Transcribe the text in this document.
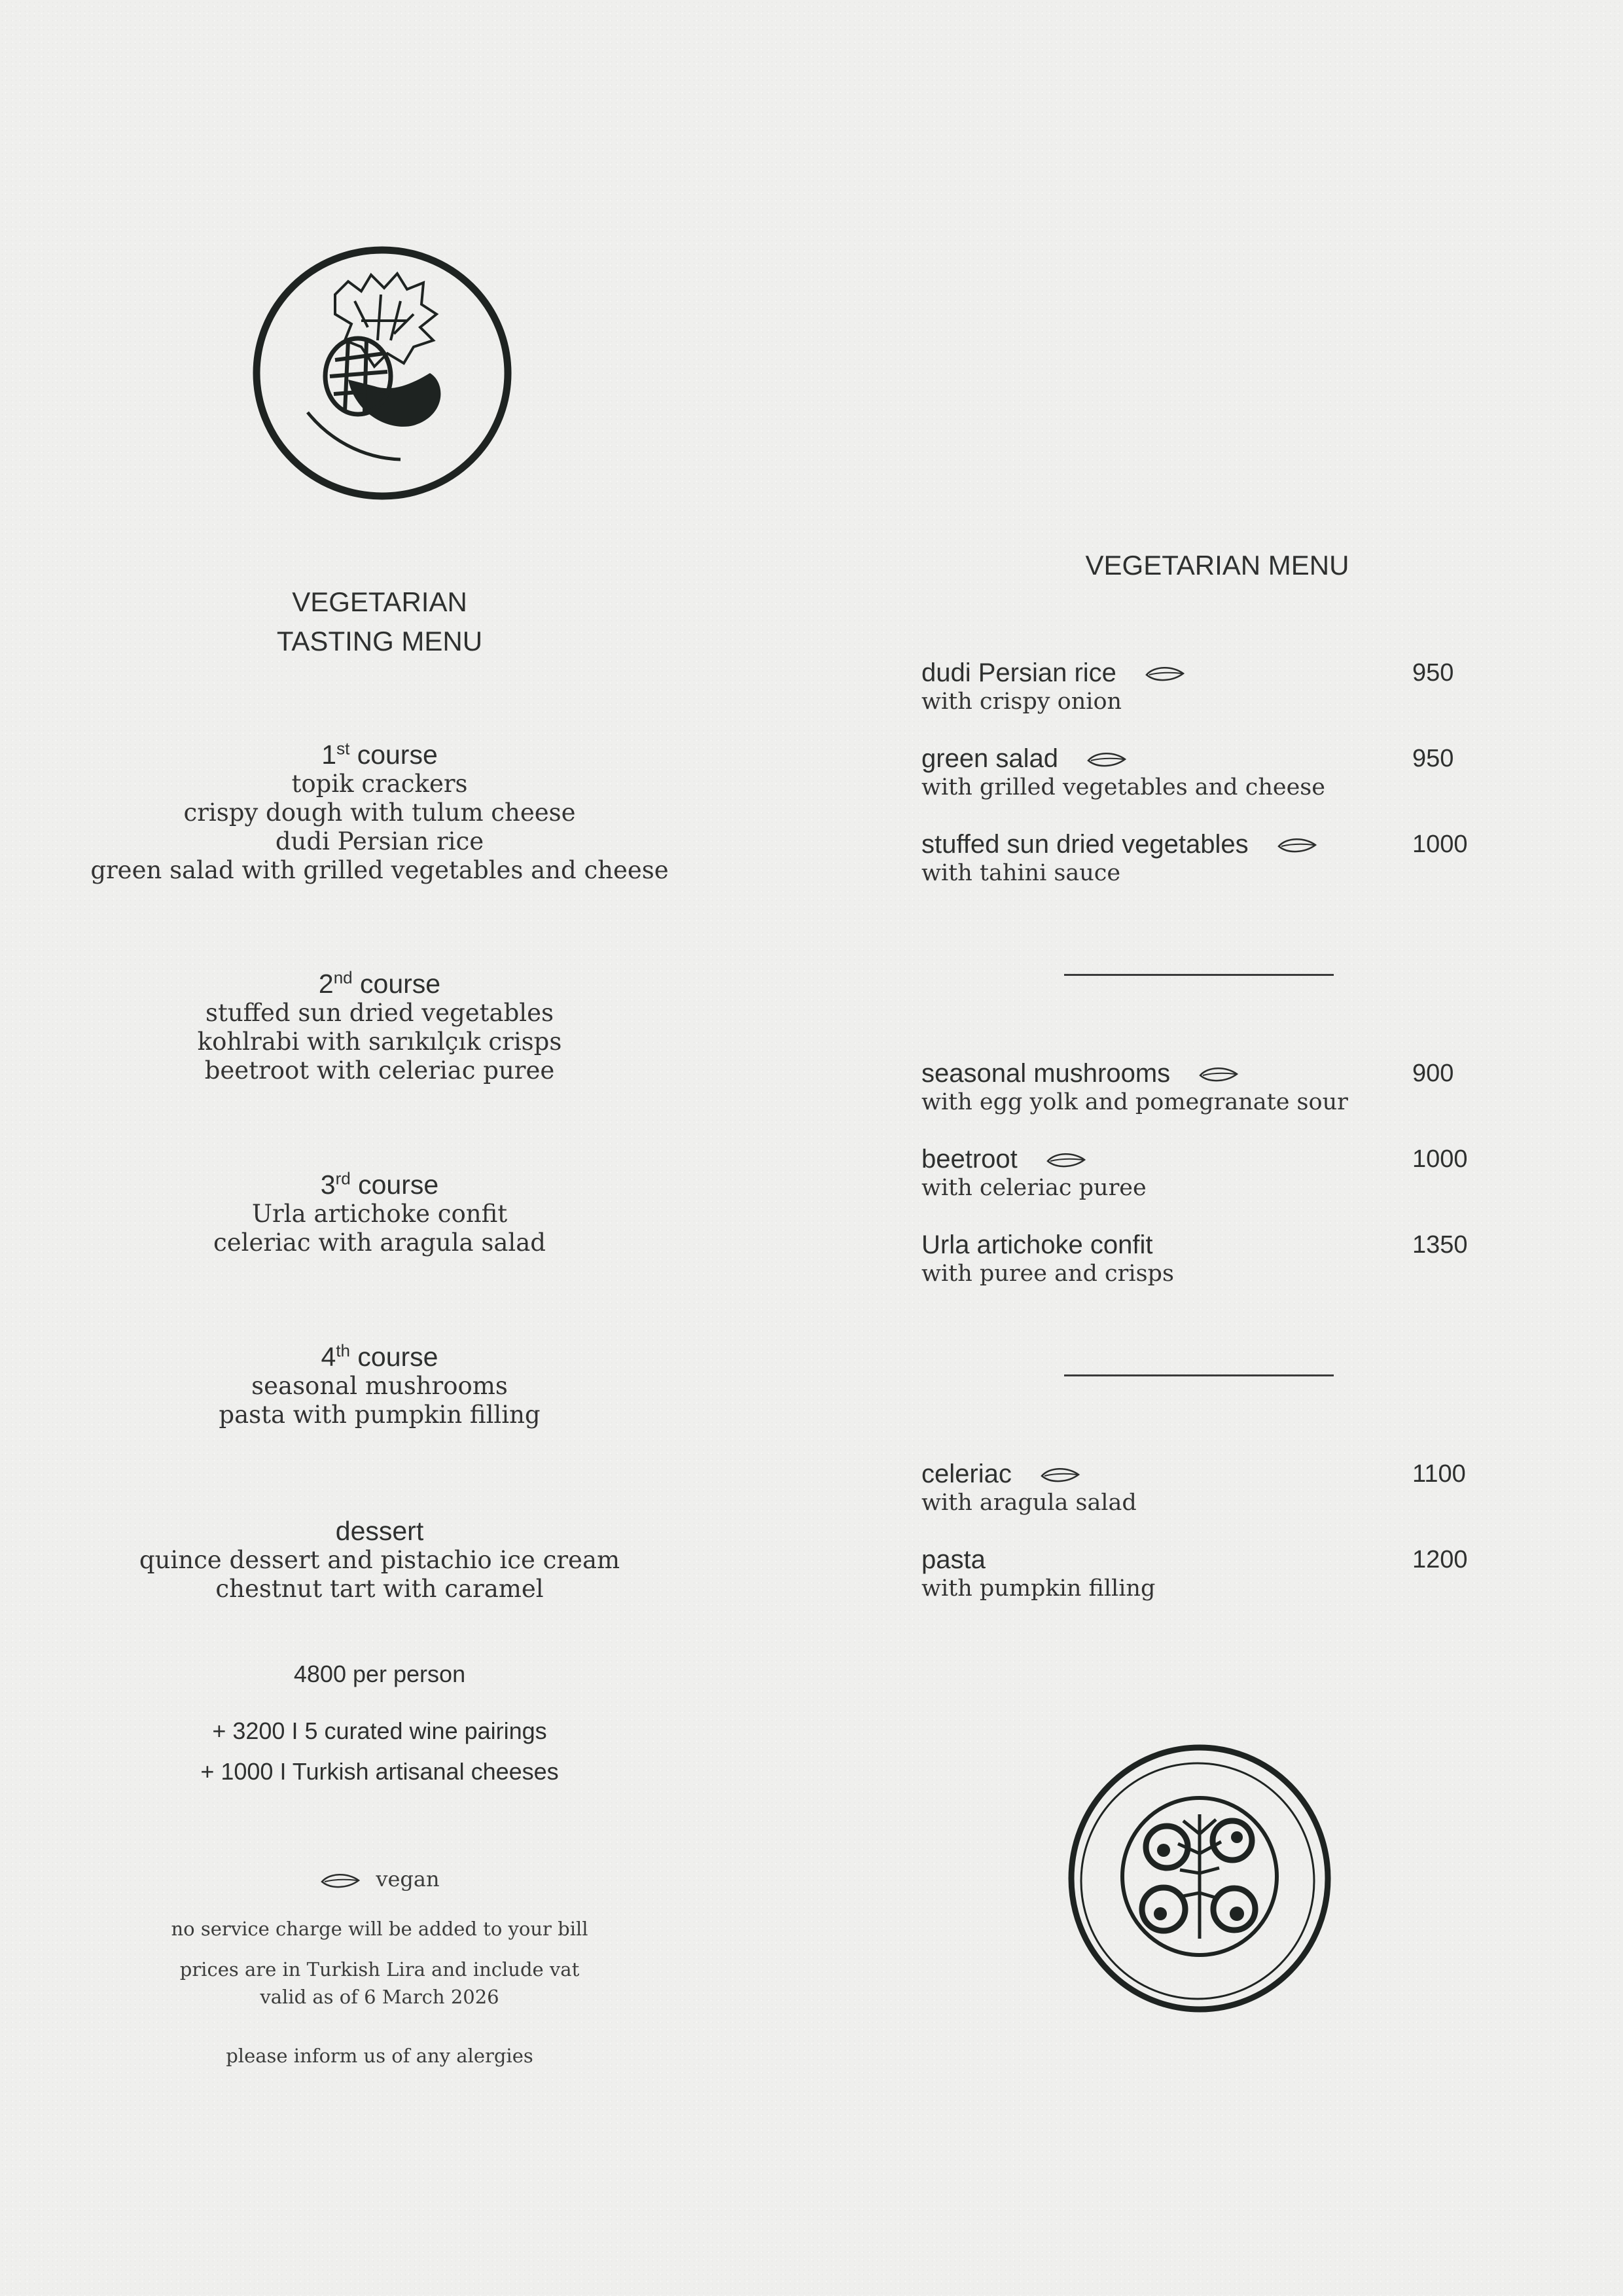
VEGETARIAN
TASTING MENU
1st course
topik crackers
crispy dough with tulum cheese
dudi Persian rice
green salad with grilled vegetables and cheese
2nd course
stuffed sun dried vegetables
kohlrabi with sarıkılçık crisps
beetroot with celeriac puree
3rd course
Urla artichoke confit
celeriac with aragula salad
4th course
seasonal mushrooms
pasta with pumpkin filling
dessert
quince dessert and pistachio ice cream
chestnut tart with caramel
4800 per person
+ 3200 I 5 curated wine pairings
+ 1000 I Turkish artisanal cheeses
vegan
no service charge will be added to your bill
prices are in Turkish Lira and include vat
valid as of 6 March 2026
please inform us of any alergies
VEGETARIAN MENU
dudi Persian rice
with crispy onion
950
green salad
with grilled vegetables and cheese
950
stuffed sun dried vegetables
with tahini sauce
1000
seasonal mushrooms
with egg yolk and pomegranate sour
900
beetroot
with celeriac puree
1000
Urla artichoke confit
with puree and crisps
1350
celeriac
with aragula salad
1100
pasta
with pumpkin filling
1200
